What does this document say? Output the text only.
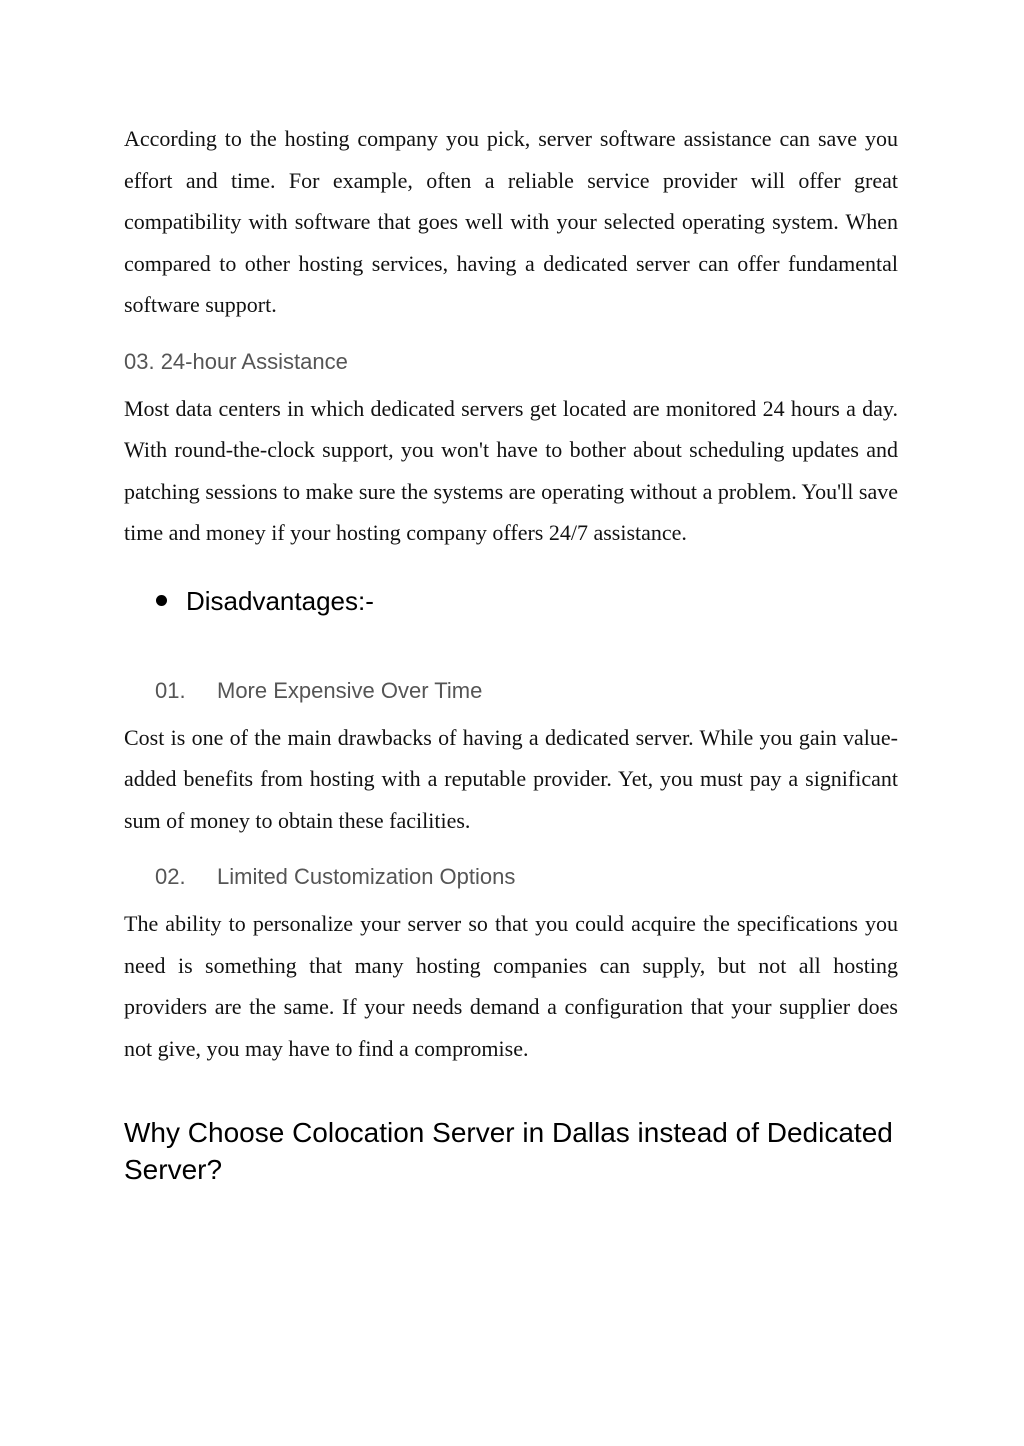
According to the hosting company you pick, server software assistance can save you effort and time. For example, often a reliable service provider will offer great compatibility with software that goes well with your selected operating system. When compared to other hosting services, having a dedicated server can offer fundamental software support.

03. 24-hour Assistance

Most data centers in which dedicated servers get located are monitored 24 hours a day. With round-the-clock support, you won't have to bother about scheduling updates and patching sessions to make sure the systems are operating without a problem. You'll save time and money if your hosting company offers 24/7 assistance.

Disadvantages:-
01.	More Expensive Over Time

Cost is one of the main drawbacks of having a dedicated server. While you gain value-added benefits from hosting with a reputable provider. Yet, you must pay a significant sum of money to obtain these facilities.

02.	Limited Customization Options

The ability to personalize your server so that you could acquire the specifications you need is something that many hosting companies can supply, but not all hosting providers are the same. If your needs demand a configuration that your supplier does not give, you may have to find a compromise.

Why Choose Colocation Server in Dallas instead of Dedicated Server?
